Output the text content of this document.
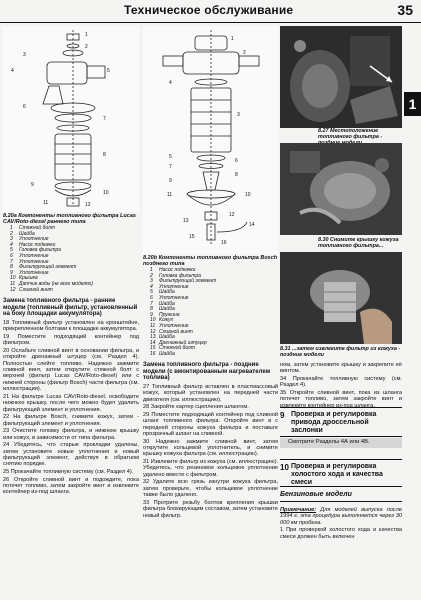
Техническое обслуживание	35
1
1
2
4	5
6
7
8
9
10
11	12
3
8.20а Компоненты топливного фильтра Lucas CAV/Roto-diesel раннего типа
1 Стяжной болт
2 Шайба
3 Уплотнение
4 Насос подкачки
5 Головка фильтра
6 Уплотнение
7 Уплотнение
8 Фильтрующий элемент
9 Уплотнение
10 Крышка
11 Датчик воды (не всех моделях)
12 Сливной винт
Замена топливного фильтра - ранние модели (топливный фильтр, установленный на боку площадки аккумулятора)

18 Топливный фильтр установлен на кронштейне, прикрепленном болтами к площадке аккумулятора.

19 Поместите подходящий контейнер под фильтром.

20 Ослабьте сливной винт в основании фильтра, и откройте дренажный штуцер (см. Раздел 4). Полностью слейте топливо. Надежно зажмите сливной винт, затем открутите стяжной болт с верхней (фильтр Lucas CAV/Roto-diesel) или с нижней стороны (фильтр Bosch) части фильтра (см. иллюстрации).

21 На фильтре Lucas CAV/Roto-diesel, освободите нижнюю крышку, после чего можно будет удалить фильтрующий элемент и уплотнения.

22 На фильтре Bosch, снимите кожух, затем - фильтрующий элемент и уплотнения.

23 Очистите головку фильтра, и нижнюю крышку или кожух, в зависимости от типа фильтра.

24 Убедитесь, что старые прокладки удалены, затем установите новые уплотнения и новый фильтрующий элемент, действуя в обратном снятию порядке.

25 Прокачайте топливную систему (см. Раздел 4).

26 Откройте сливной винт и подождите, пока потечет топливо, затем закройте винт и извлеките контейнер из-под шланга.

1
2
3
4
5
6
7
8
9
10
11
12
13
14
15
16
8.20b Компоненты топливного фильтра Bosch позднего типа
1 Насос подкачки
2 Головка фильтра
3 Фильтрующий элемент
4 Уплотнение
5 Шайба
6 Уплотнение
7 Шайба
8 Шайба
9 Пружина
10 Кожух
11 Уплотнение
12 Сливной винт
13 Шайба
14 Дренажный штуцер
15 Стяжной болт
16 Шайба
Замена топливного фильтра - поздние модели (с вмонтированным нагревателем топлива)

27 Топливный фильтр вставлен в пластмассовый кожух, который установлен на передней части двигателя (см. иллюстрацию).

28 Закройте картер сцепления шлангом.

29 Поместите подходящий контейнер под сливной шланг топливного фильтра. Откройте винт в с передней стороны кожуха фильтра и поставьте прозрачный шланг на сливной.

30 Надежно зажмите сливной винт, затем открутите кольцевой уплотнитель, и снимите крышку кожуха фильтра (см. иллюстрацию).

31 Извлеките фильтр из кожуха (см. иллюстрацию). Убедитесь, что резиновое кольцевое уплотнение удалено вместе с фильтром.

32 Удалите всю грязь изнутри кожуха фильтра, затем проверьте, чтобы кольцевое уплотнение также было удалено.

33 Протрите резьбу болтов крепления крышки фильтра блокирующим составом, затем установите новый фильтр.

8.27 Местоположение топливного фильтра -
8.30 Снимите крышку кожуха топливного фильтра...
8.31 ...затем извлеките фильтр из кожуха - поздние модели

ном, затем установите крышку и закрепите её винтом.

34 Прокачайте топливную систему (см. Раздел 4).

35 Откройте сливной винт, пока из шланга потечет топливо, затем закройте винт и извлеките контейнер из-под шланга.

9 Проверка и регулировка привода дроссельной заслонки
Смотрите Разделы 4А или 4В.
10 Проверка и регулировка холостого хода и качества смеси
Бензиновые модели

Примечание: Для моделей выпуска после 1994 г. эта процедура выполняется через 30 000 км пробега.

1 При проверкой холостого хода и качества смеси должен быть включен
